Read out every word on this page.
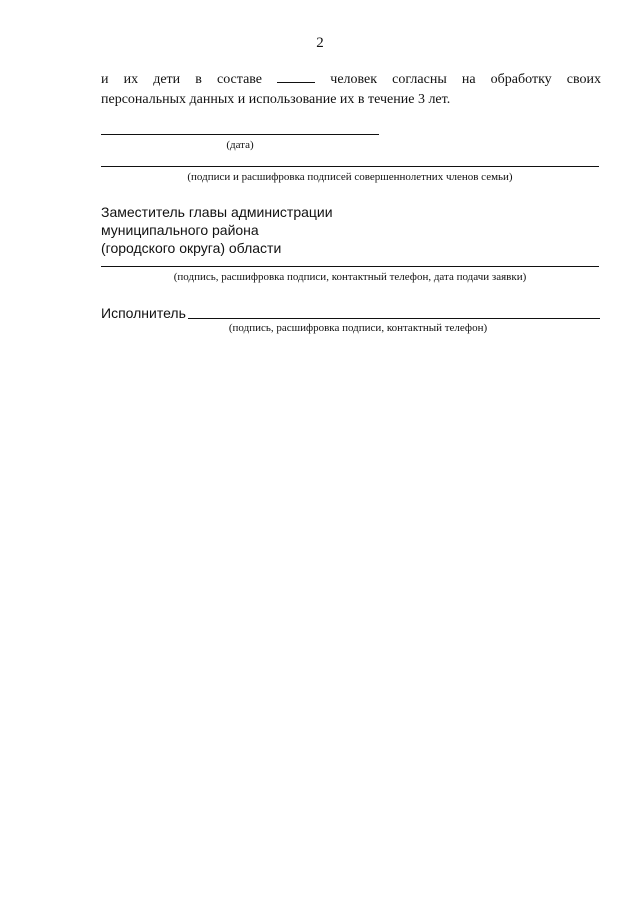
2
и их дети в составе	человек согласны на обработку своих
персональных данных и использование их в течение 3 лет.
(дата)
(подписи и расшифровка подписей совершеннолетних членов семьи)
Заместитель главы администрации
муниципального района
(городского округа) области
(подпись, расшифровка подписи, контактный телефон, дата подачи заявки)
Исполнитель
(подпись, расшифровка подписи, контактный телефон)
